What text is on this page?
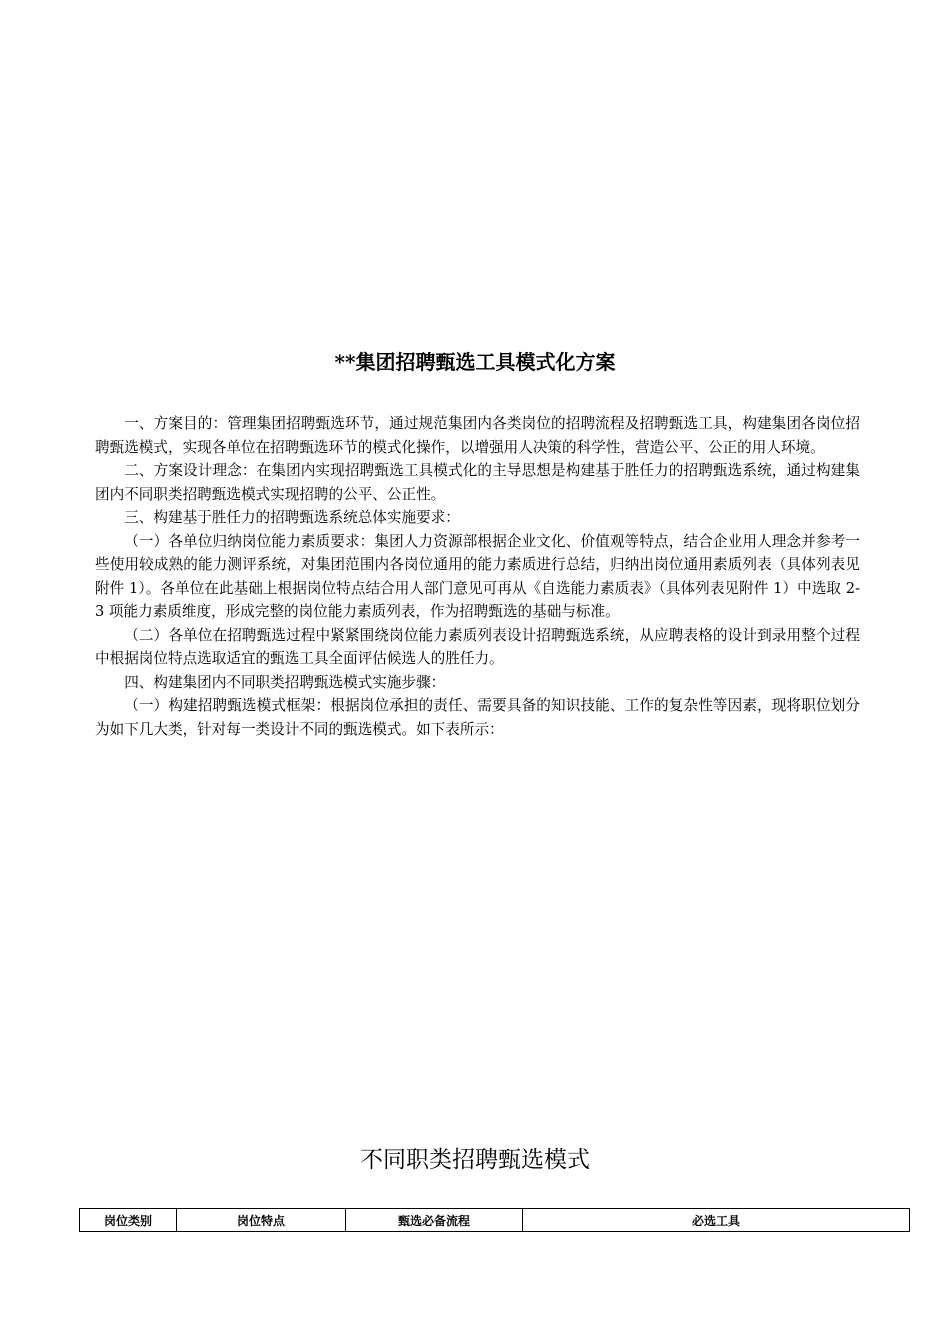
**集团招聘甄选工具模式化方案

一、方案目的：管理集团招聘甄选环节，通过规范集团内各类岗位的招聘流程及招聘甄选工具，构建集团各岗位招聘甄选模式，实现各单位在招聘甄选环节的模式化操作，以增强用人决策的科学性，营造公平、公正的用人环境。

二、方案设计理念：在集团内实现招聘甄选工具模式化的主导思想是构建基于胜任力的招聘甄选系统，通过构建集团内不同职类招聘甄选模式实现招聘的公平、公正性。

三、构建基于胜任力的招聘甄选系统总体实施要求：

（一）各单位归纳岗位能力素质要求：集团人力资源部根据企业文化、价值观等特点，结合企业用人理念并参考一些使用较成熟的能力测评系统，对集团范围内各岗位通用的能力素质进行总结，归纳出岗位通用素质列表（具体列表见附件 1）。各单位在此基础上根据岗位特点结合用人部门意见可再从《自选能力素质表》（具体列表见附件 1）中选取 2-3 项能力素质维度，形成完整的岗位能力素质列表，作为招聘甄选的基础与标准。

（二）各单位在招聘甄选过程中紧紧围绕岗位能力素质列表设计招聘甄选系统，从应聘表格的设计到录用整个过程中根据岗位特点选取适宜的甄选工具全面评估候选人的胜任力。

四、构建集团内不同职类招聘甄选模式实施步骤：

（一）构建招聘甄选模式框架：根据岗位承担的责任、需要具备的知识技能、工作的复杂性等因素，现将职位划分为如下几大类，针对每一类设计不同的甄选模式。如下表所示：

不同职类招聘甄选模式
岗位类别	岗位特点	甄选必备流程	必选工具
